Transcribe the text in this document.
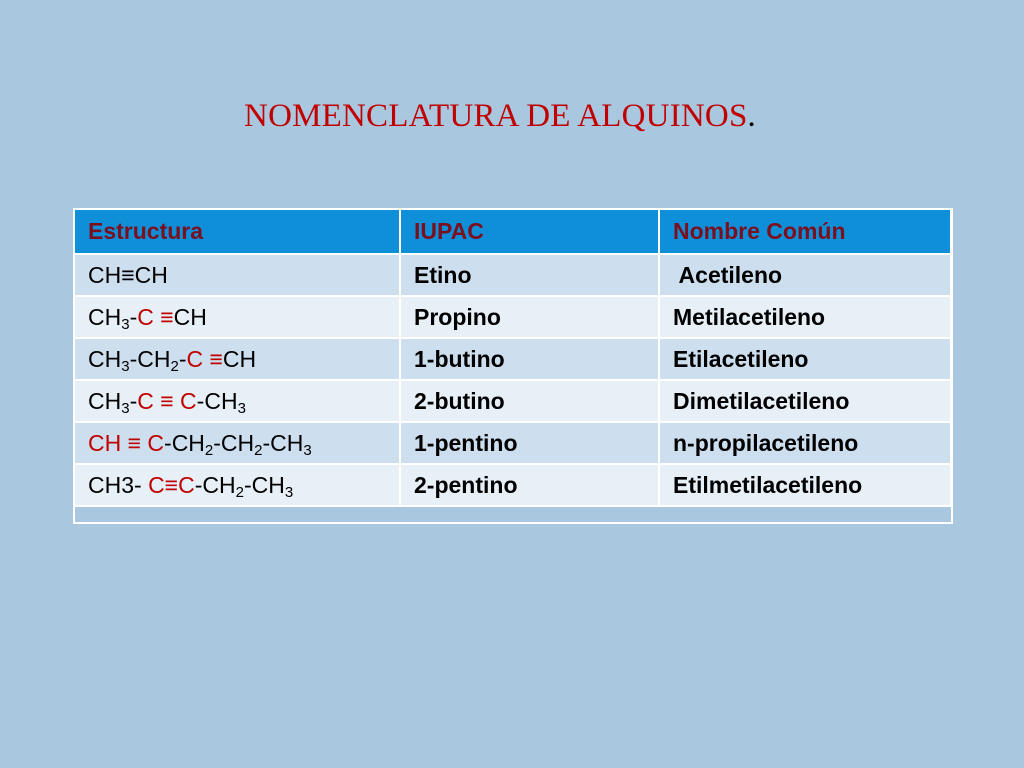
NOMENCLATURA DE ALQUINOS.
Estructura	IUPAC	Nombre Común
CH≡CH	Etino	Acetileno
$CH_3-C \equiv CH$	Propino	Metilacetileno
$CH_3-CH_2-C \equiv CH$	1-butino	Etilacetileno
$CH_3-C \equiv C-CH_3$	2-butino	Dimetilacetileno
CH ≡ $C-CH_2-CH_2-CH_3$	1-pentino	n-propilacetileno
CH3- $C\equiv C-CH_2-CH_3$	2-pentino	Etilmetilacetileno
